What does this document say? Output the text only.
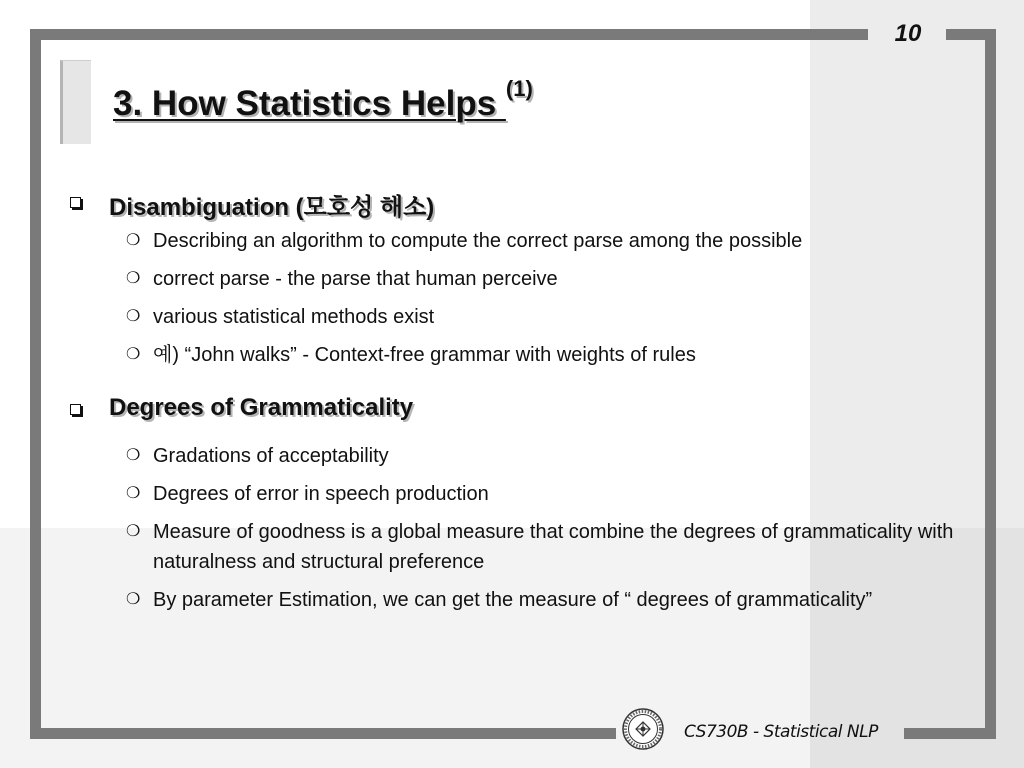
10
3. How Statistics Helps $^{(1)}$
Disambiguation (모호성 해소)
❍ Describing an algorithm to compute the correct parse among the possible
❍ correct parse - the parse that human perceive
❍ various statistical methods exist
❍ 예) “John walks” - Context-free grammar with weights of rules
Degrees of Grammaticality
❍ Gradations of acceptability
❍ Degrees of error in speech production
❍ Measure of goodness is a global measure that combine the degrees of grammaticality with naturalness and structural preference
❍ By parameter Estimation, we can get the measure of “ degrees of grammaticality”
CS730B - Statistical NLP
